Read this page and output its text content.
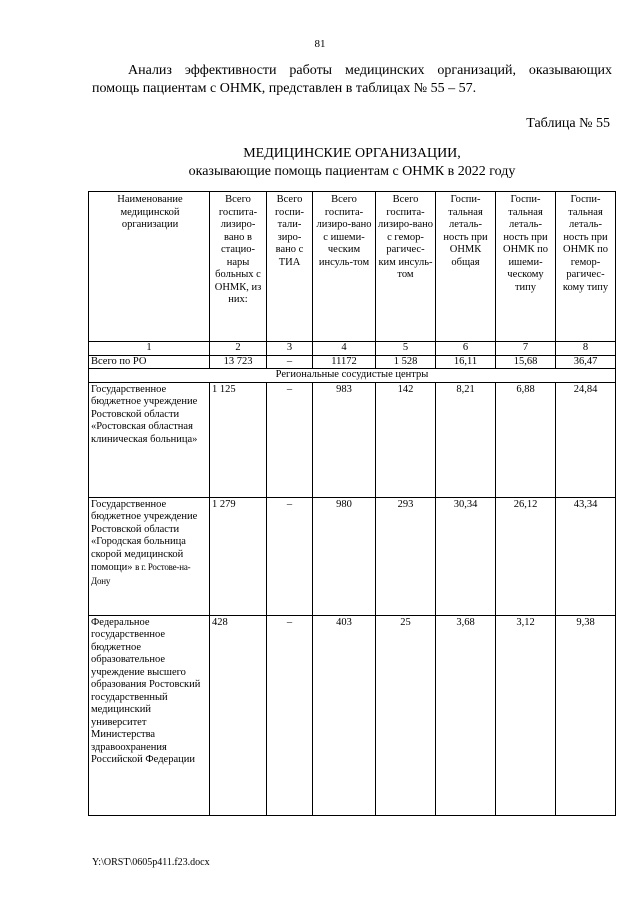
81
Анализ эффективности работы медицинских организаций, оказывающих помощь пациентам с ОНМК, представлен в таблицах № 55 – 57.
Таблица № 55
МЕДИЦИНСКИЕ ОРГАНИЗАЦИИ,
оказывающие помощь пациентам с ОНМК в 2022 году
Наименование медицинской организации	Всего госпита-лизиро-вано в стацио-нары больных с ОНМК, из них:	Всего госпи-тали-зиро-вано с ТИА	Всего госпита-лизиро-вано с ишеми-ческим инсуль-том	Всего госпита-лизиро-вано с гемор-рагичес-ким инсуль-том	Госпи-тальная леталь-ность при ОНМК общая	Госпи-тальная леталь-ность при ОНМК по ишеми-ческому типу	Госпи-тальная леталь-ность при ОНМК по гемор-рагичес-кому типу
1	2	3	4	5	6	7	8
Всего по РО	13 723	–	11172	1 528	16,11	15,68	36,47
Региональные сосудистые центры							
Государственное бюджетное учреждение Ростовской области «Ростовская областная клиническая больница»	1 125	–	983	142	8,21	6,88	24,84
Государственное бюджетное учреждение Ростовской области «Городская больница скорой медицинской помощи» в г. Ростове-на-Дону	1 279	–	980	293	30,34	26,12	43,34
Федеральное государственное бюджетное образовательное учреждение высшего образования Ростовский государственный медицинский университет Министерства здравоохранения Российской Федерации	428	–	403	25	3,68	3,12	9,38
Y:\ORST\0605p411.f23.docx
